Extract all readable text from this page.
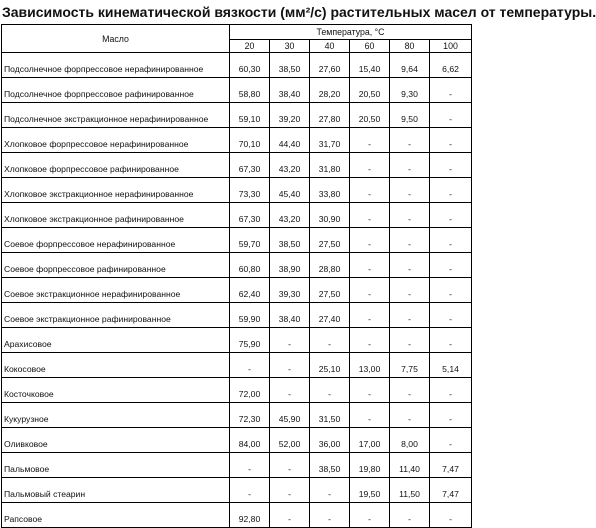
Зависимость кинематической вязкости (мм²/с) растительных масел от температуры.
Масло	Температура, °С					
	20	30	40	60	80	100
Подсолнечное форпрессовое нерафинированное	60,30	38,50	27,60	15,40	9,64	6,62
Подсолнечное форпрессовое рафинированное	58,80	38,40	28,20	20,50	9,30	-
Подсолнечное экстракционное нерафинированное	59,10	39,20	27,80	20,50	9,50	-
Хлопковое форпрессовое нерафинированное	70,10	44,40	31,70	-	-	-
Хлопковое форпрессовое рафинированное	67,30	43,20	31,80	-	-	-
Хлопковое экстракционное нерафинированное	73,30	45,40	33,80	-	-	-
Хлопковое экстракционное рафинированное	67,30	43,20	30,90	-	-	-
Соевое форпрессовое нерафинированное	59,70	38,50	27,50	-	-	-
Соевое форпрессовое рафинированное	60,80	38,90	28,80	-	-	-
Соевое экстракционное нерафинированное	62,40	39,30	27,50	-	-	-
Соевое экстракционное рафинированное	59,90	38,40	27,40	-	-	-
Арахисовое	75,90	-	-	-	-	-
Кокосовое	-	-	25,10	13,00	7,75	5,14
Косточковое	72,00	-	-	-	-	-
Кукурузное	72,30	45,90	31,50	-	-	-
Оливковое	84,00	52,00	36,00	17,00	8,00	-
Пальмовое	-	-	38,50	19,80	11,40	7,47
Пальмовый стеарин	-	-	-	19,50	11,50	7,47
Рапсовое	92,80	-	-	-	-	-
